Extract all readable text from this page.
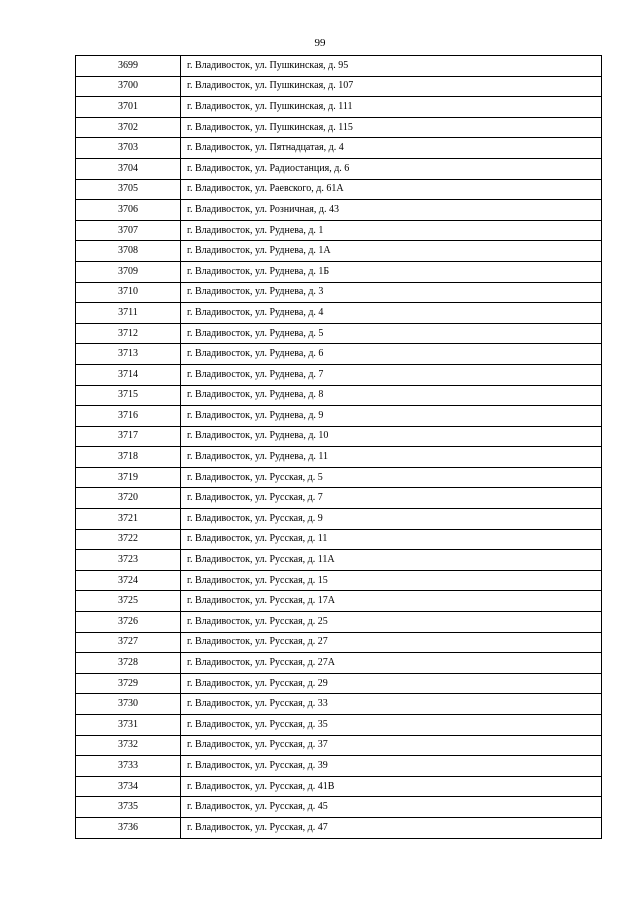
99
3699	г. Владивосток, ул. Пушкинская, д. 95
3700	г. Владивосток, ул. Пушкинская, д. 107
3701	г. Владивосток, ул. Пушкинская, д. 111
3702	г. Владивосток, ул. Пушкинская, д. 115
3703	г. Владивосток, ул. Пятнадцатая, д. 4
3704	г. Владивосток, ул. Радиостанция, д. 6
3705	г. Владивосток, ул. Раевского, д. 61А
3706	г. Владивосток, ул. Розничная, д. 43
3707	г. Владивосток, ул. Руднева, д. 1
3708	г. Владивосток, ул. Руднева, д. 1А
3709	г. Владивосток, ул. Руднева, д. 1Б
3710	г. Владивосток, ул. Руднева, д. 3
3711	г. Владивосток, ул. Руднева, д. 4
3712	г. Владивосток, ул. Руднева, д. 5
3713	г. Владивосток, ул. Руднева, д. 6
3714	г. Владивосток, ул. Руднева, д. 7
3715	г. Владивосток, ул. Руднева, д. 8
3716	г. Владивосток, ул. Руднева, д. 9
3717	г. Владивосток, ул. Руднева, д. 10
3718	г. Владивосток, ул. Руднева, д. 11
3719	г. Владивосток, ул. Русская, д. 5
3720	г. Владивосток, ул. Русская, д. 7
3721	г. Владивосток, ул. Русская, д. 9
3722	г. Владивосток, ул. Русская, д. 11
3723	г. Владивосток, ул. Русская, д. 11А
3724	г. Владивосток, ул. Русская, д. 15
3725	г. Владивосток, ул. Русская, д. 17А
3726	г. Владивосток, ул. Русская, д. 25
3727	г. Владивосток, ул. Русская, д. 27
3728	г. Владивосток, ул. Русская, д. 27А
3729	г. Владивосток, ул. Русская, д. 29
3730	г. Владивосток, ул. Русская, д. 33
3731	г. Владивосток, ул. Русская, д. 35
3732	г. Владивосток, ул. Русская, д. 37
3733	г. Владивосток, ул. Русская, д. 39
3734	г. Владивосток, ул. Русская, д. 41В
3735	г. Владивосток, ул. Русская, д. 45
3736	г. Владивосток, ул. Русская, д. 47
